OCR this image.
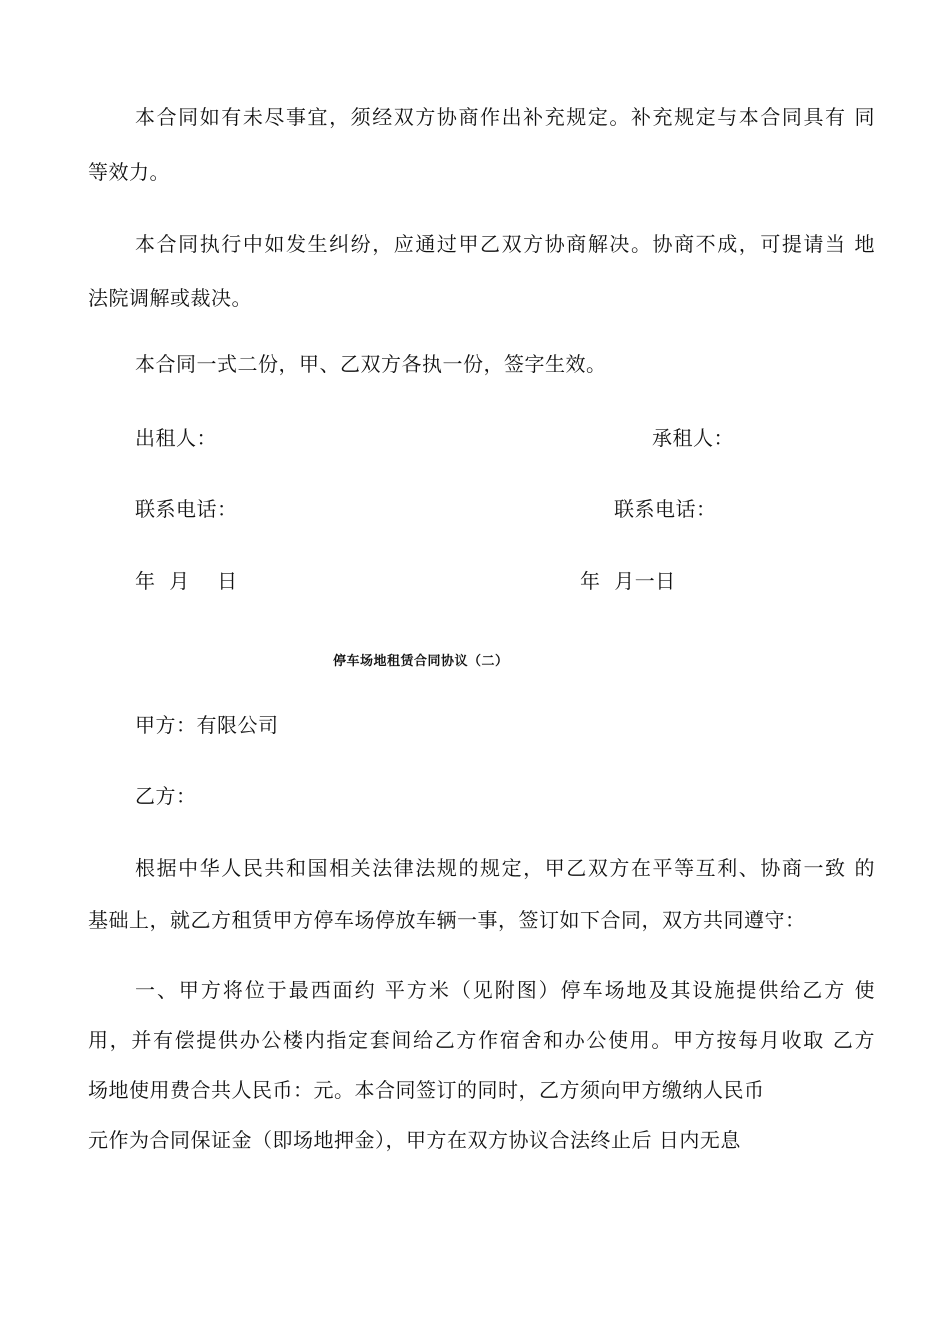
本合同如有未尽事宜，须经双方协商作出补充规定。补充规定与本合同具有 同
等效力。
本合同执行中如发生纠纷，应通过甲乙双方协商解决。协商不成，可提请当 地
法院调解或裁决。
本合同一式二份，甲、乙双方各执一份，签字生效。
出租人：	承租人：
联系电话：	联系电话：
年  月    日	年  月一日
停车场地租赁合同协议（二）
甲方：有限公司
乙方：
根据中华人民共和国相关法律法规的规定，甲乙双方在平等互利、协商一致 的
基础上，就乙方租赁甲方停车场停放车辆一事，签订如下合同，双方共同遵守：
一、甲方将位于最西面约 平方米（见附图）停车场地及其设施提供给乙方 使
用，并有偿提供办公楼内指定套间给乙方作宿舍和办公使用。甲方按每月收取 乙方
场地使用费合共人民币：元。本合同签订的同时，乙方须向甲方缴纳人民币
元作为合同保证金（即场地押金），甲方在双方协议合法终止后 日内无息
